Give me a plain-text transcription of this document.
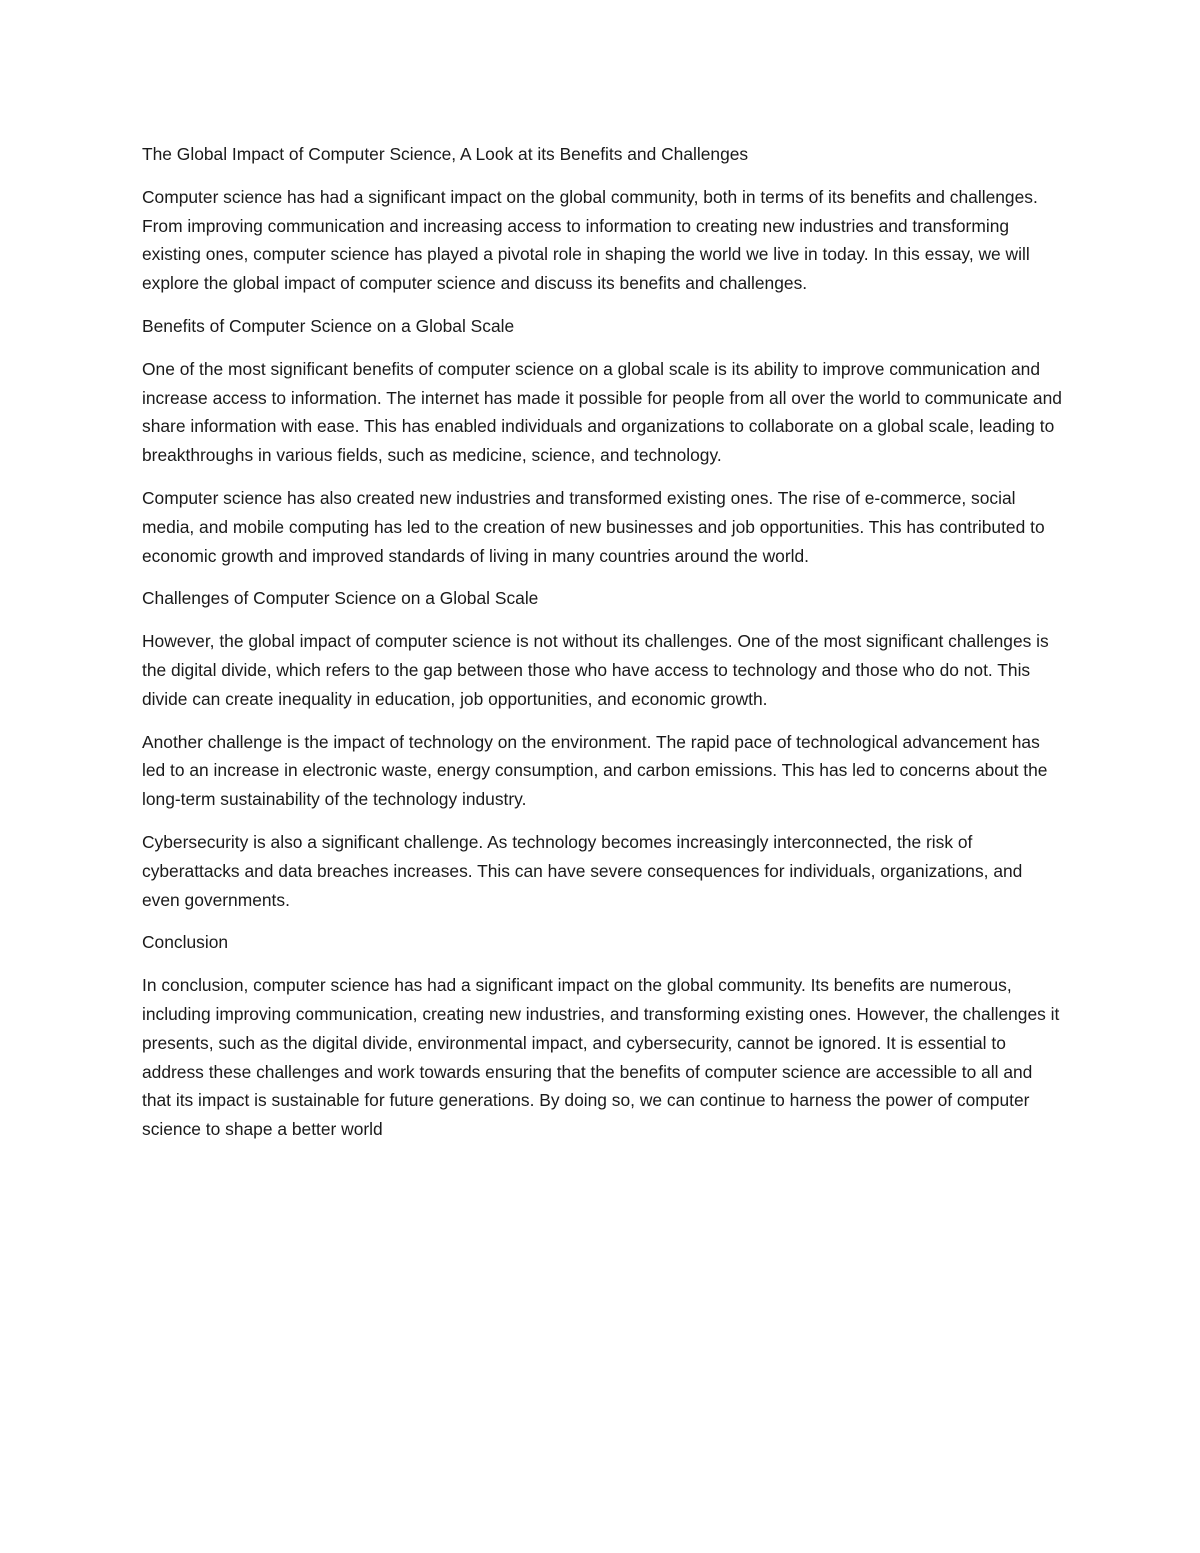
The Global Impact of Computer Science, A Look at its Benefits and Challenges

Computer science has had a significant impact on the global community, both in terms of its benefits and challenges. From improving communication and increasing access to information to creating new industries and transforming existing ones, computer science has played a pivotal role in shaping the world we live in today. In this essay, we will explore the global impact of computer science and discuss its benefits and challenges.

Benefits of Computer Science on a Global Scale

One of the most significant benefits of computer science on a global scale is its ability to improve communication and increase access to information. The internet has made it possible for people from all over the world to communicate and share information with ease. This has enabled individuals and organizations to collaborate on a global scale, leading to breakthroughs in various fields, such as medicine, science, and technology.

Computer science has also created new industries and transformed existing ones. The rise of e-commerce, social media, and mobile computing has led to the creation of new businesses and job opportunities. This has contributed to economic growth and improved standards of living in many countries around the world.

Challenges of Computer Science on a Global Scale

However, the global impact of computer science is not without its challenges. One of the most significant challenges is the digital divide, which refers to the gap between those who have access to technology and those who do not. This divide can create inequality in education, job opportunities, and economic growth.

Another challenge is the impact of technology on the environment. The rapid pace of technological advancement has led to an increase in electronic waste, energy consumption, and carbon emissions. This has led to concerns about the long-term sustainability of the technology industry.

Cybersecurity is also a significant challenge. As technology becomes increasingly interconnected, the risk of cyberattacks and data breaches increases. This can have severe consequences for individuals, organizations, and even governments.

Conclusion

In conclusion, computer science has had a significant impact on the global community. Its benefits are numerous, including improving communication, creating new industries, and transforming existing ones. However, the challenges it presents, such as the digital divide, environmental impact, and cybersecurity, cannot be ignored. It is essential to address these challenges and work towards ensuring that the benefits of computer science are accessible to all and that its impact is sustainable for future generations. By doing so, we can continue to harness the power of computer science to shape a better world
